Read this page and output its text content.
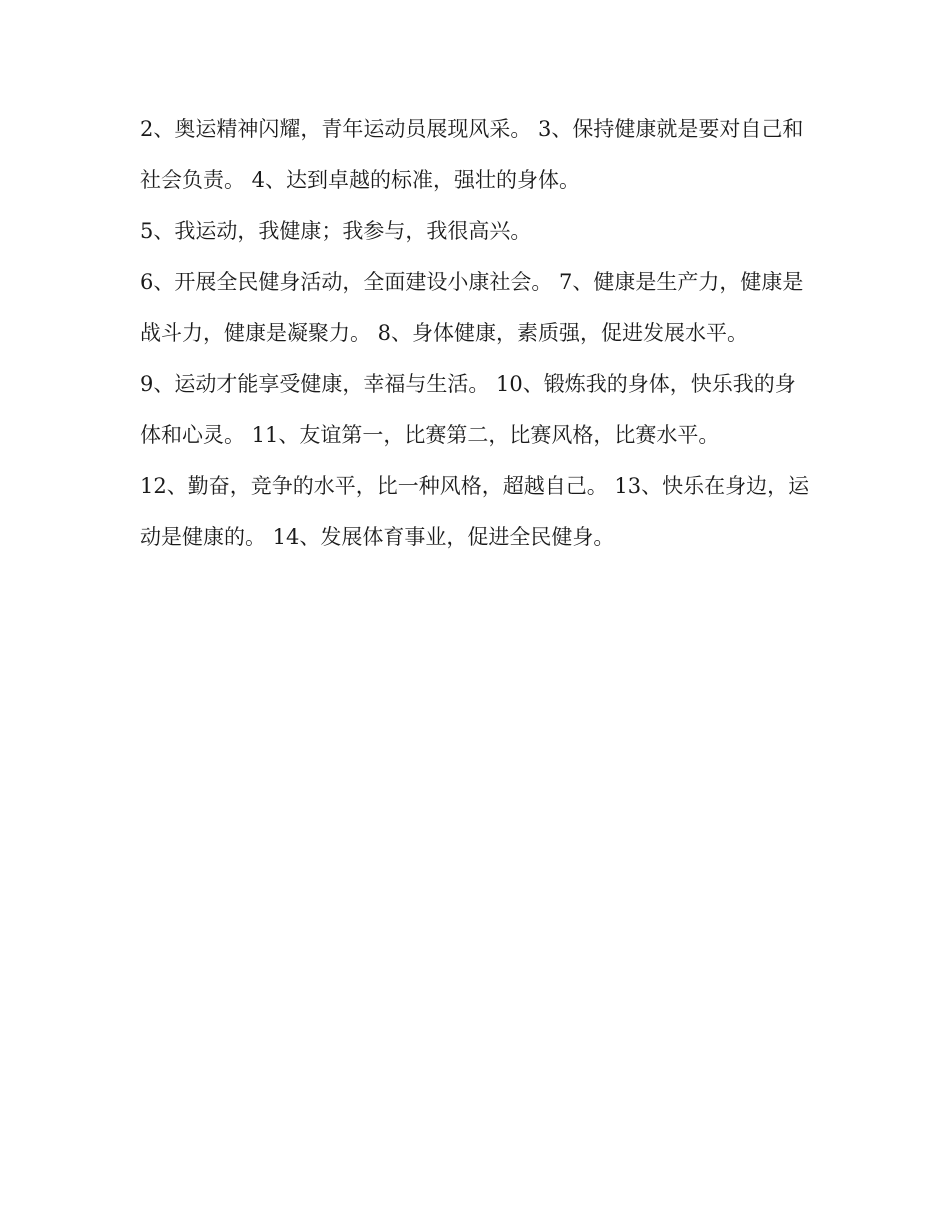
2、奥运精神闪耀，青年运动员展现风采。 3、保持健康就是要对自己和社会负责。 4、达到卓越的标准，强壮的身体。

5、我运动，我健康；我参与，我很高兴。

6、开展全民健身活动，全面建设小康社会。 7、健康是生产力，健康是战斗力，健康是凝聚力。 8、身体健康，素质强，促进发展水平。

9、运动才能享受健康，幸福与生活。 10、锻炼我的身体，快乐我的身体和心灵。 11、友谊第一，比赛第二，比赛风格，比赛水平。

12、勤奋，竞争的水平，比一种风格，超越自己。 13、快乐在身边，运动是健康的。 14、发展体育事业，促进全民健身。
